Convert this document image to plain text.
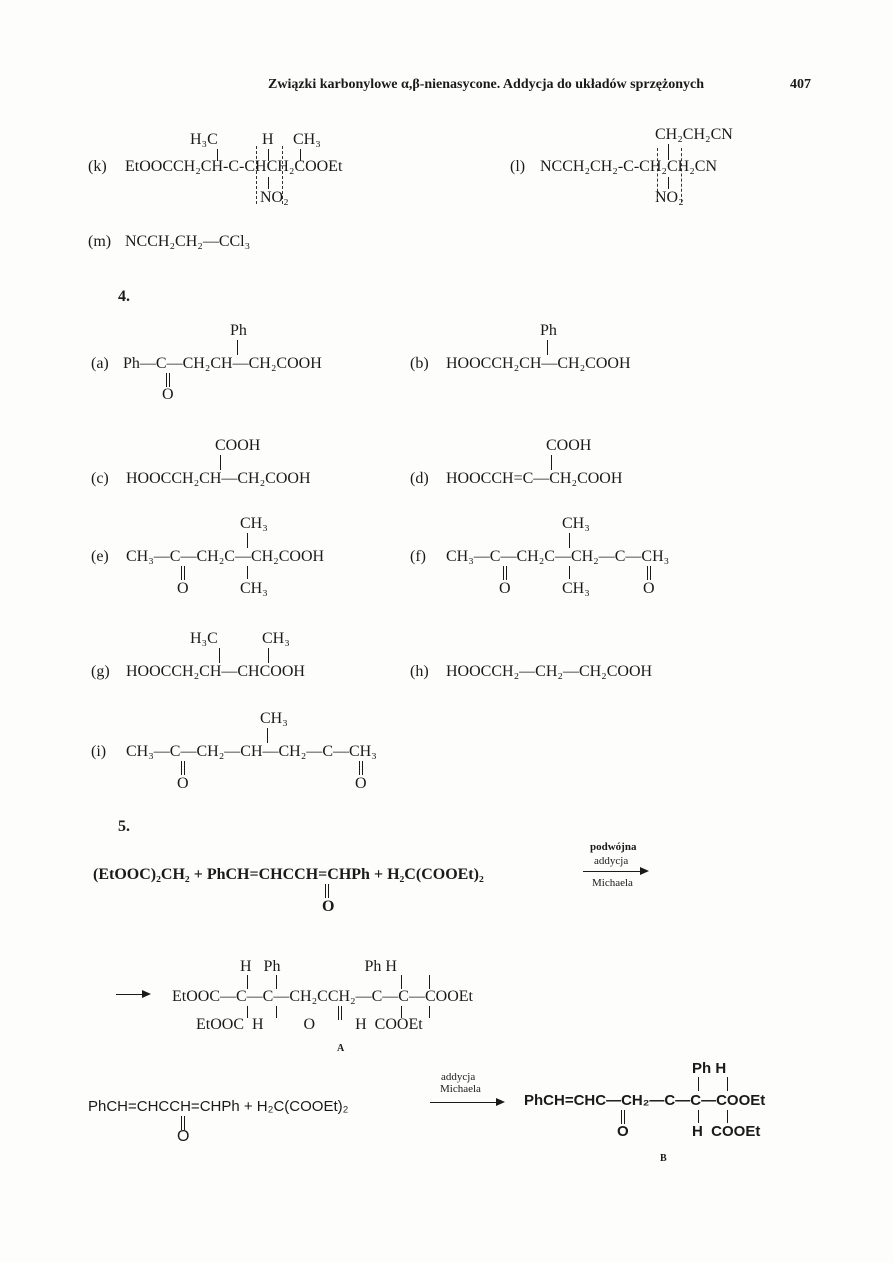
Związki karbonylowe α,β-nienasycone. Addycja do układów sprzężonych	407
(k)
H₃C	H CH₃
EtOOCCH₂CH-C-CHCH₂COOEt
NO₂
(l)
CH₂CH₂CN
NCCH₂CH₂-C-CH₂CH₂CN
NO₂
(m) NCCH₂CH₂—CCl₃
4.
(a)
Ph
Ph—C—CH₂CH—CH₂COOH
O
(b)
Ph
HOOCCH₂CH—CH₂COOH
(c)
COOH
HOOCCH₂CH—CH₂COOH	(d)
COOH
HOOCCH=C—CH₂COOH
(e)
CH₃
CH₃—C—CH₂C—CH₂COOH
O	CH₃
(f)
CH₃
CH₃—C—CH₂C—CH₂—C—CH₃
O	CH₃	O
(g)
H₃C	CH₃
HOOCCH₂CH—CHCOOH	(h) HOOCCH₂—CH₂—CH₂COOH
(i)
CH₃
CH₃—C—CH₂—CH—CH₂—C—CH₃
O	O
5.
(EtOOC)₂CH₂ + PhCH=CHCCH=CHPh + H₂C(COOEt)₂
O
podwójna
addycja
Michaela
H   Ph                     Ph H
EtOOC—C—C—CH₂CCH₂—C—C—COOEt
EtOOC  H          O          H  COOEt
A
PhCH=CHCCH=CHPh + H₂C(COOEt)₂
O
addycja
Michaela
Ph H
PhCH=CHC—CH₂—C—C—COOEt
O	H  COOEt
B
